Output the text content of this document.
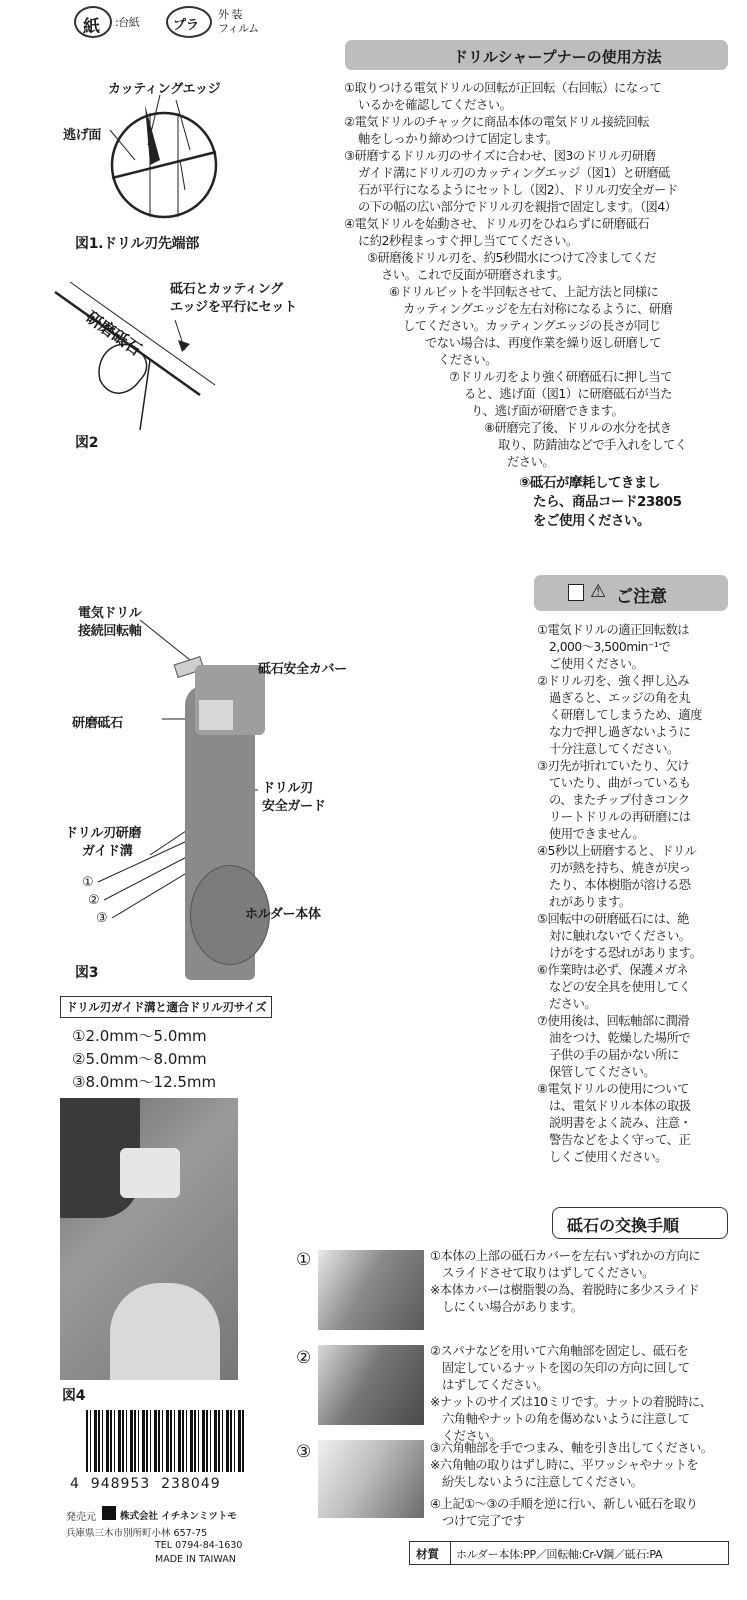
紙 :台紙	プラ
外 装
フィルム
カッティングエッジ
逃げ面
図1.ドリル刃先端部
砥石とカッティング
エッジを平行にセット
研磨砥石
図2
電気ドリル
接続回転軸
砥石安全カバー
研磨砥石
ドリル刃
安全ガード
ドリル刃研磨
ガイド溝
①
②
③	ホルダー本体
図3
ドリル刃ガイド溝と適合ドリル刃サイズ
①2.0mm〜5.0mm
②5.0mm〜8.0mm
③8.0mm〜12.5mm
図4
4  948953  238049
発売元	株式会社 イチネンミツトモ
兵庫県三木市別所町小林 657-75
TEL 0794-84-1630
MADE IN TAIWAN
ドリルシャープナーの使用方法
①取りつける電気ドリルの回転が正回転（右回転）になって
いるかを確認してください。
②電気ドリルのチャックに商品本体の電気ドリル接続回転
軸をしっかり締めつけて固定します。
③研磨するドリル刃のサイズに合わせ、図3のドリル刃研磨
ガイド溝にドリル刃のカッティングエッジ（図1）と研磨砥
石が平行になるようにセットし（図2）、ドリル刃安全ガード
の下の幅の広い部分でドリル刃を親指で固定します。（図4）
④電気ドリルを始動させ、ドリル刃をひねらずに研磨砥石
に約2秒程まっすぐ押し当ててください。
⑤研磨後ドリル刃を、約5秒間水につけて冷ましてくだ
さい。これで反面が研磨されます。
⑥ドリルビットを半回転させて、上記方法と同様に
カッティングエッジを左右対称になるように、研磨
してください。カッティングエッジの長さが同じ
でない場合は、再度作業を繰り返し研磨して
ください。
⑦ドリル刃をより強く研磨砥石に押し当て
ると、逃げ面（図1）に研磨砥石が当た
り、逃げ面が研磨できます。
⑧研磨完了後、ドリルの水分を拭き
取り、防錆油などで手入れをしてく
ださい。
⑨砥石が摩耗してきまし
たら、商品コード23805
をご使用ください。
⚠ ご注意
①電気ドリルの適正回転数は
2,000〜3,500min⁻¹で
ご使用ください。
②ドリル刃を、強く押し込み
過ぎると、エッジの角を丸
く研磨してしまうため、適度
な力で押し過ぎないように
十分注意してください。
③刃先が折れていたり、欠け
ていたり、曲がっているも
の、またチップ付きコンク
リートドリルの再研磨には
使用できません。
④5秒以上研磨すると、ドリル
刃が熱を持ち、焼きが戻っ
たり、本体樹脂が溶ける恐
れがあります。
⑤回転中の研磨砥石には、絶
対に触れないでください。
けがをする恐れがあります。
⑥作業時は必ず、保護メガネ
などの安全具を使用してく
ださい。
⑦使用後は、回転軸部に潤滑
油をつけ、乾燥した場所で
子供の手の届かない所に
保管してください。
⑧電気ドリルの使用について
は、電気ドリル本体の取扱
説明書をよく読み、注意・
警告などをよく守って、正
しくご使用ください。
砥石の交換手順
①	①本体の上部の砥石カバーを左右いずれかの方向に
スライドさせて取りはずしてください。
※本体カバーは樹脂製の為、着脱時に多少スライド
しにくい場合があります。
②	②スパナなどを用いて六角軸部を固定し、砥石を
固定しているナットを図の矢印の方向に回して
はずしてください。
※ナットのサイズは10ミリです。ナットの着脱時に、
六角軸やナットの角を傷めないように注意して
ください。
③	③六角軸部を手でつまみ、軸を引き出してください。
※六角軸の取りはずし時に、平ワッシャやナットを
紛失しないように注意してください。
④上記①〜③の手順を逆に行い、新しい砥石を取り
つけて完了です
材質 ホルダー本体:PP／回転軸:Cr-V鋼／砥石:PA
